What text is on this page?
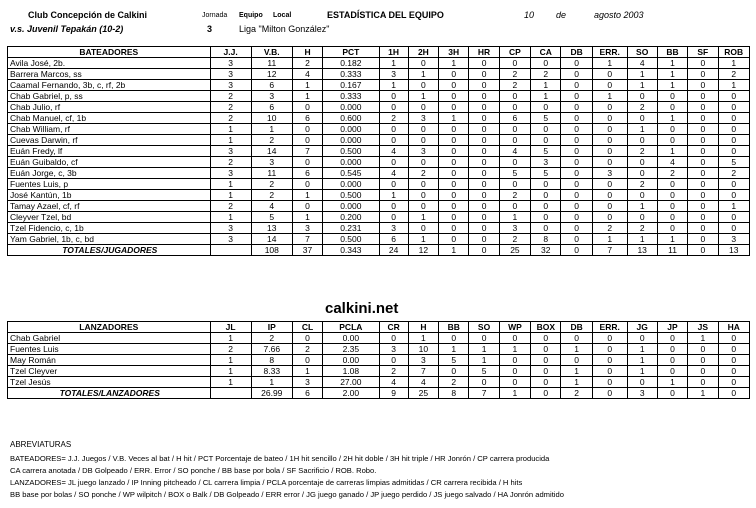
Club Concepción de Calkini	Jornada Equipo Local	ESTADÍSTICA DEL EQUIPO	10 de	agosto 2003
v.s. Juvenil Tepakán (10-2)	3	Liga "Milton González"
BATEADORES	J.J.	V.B.	H	PCT	1H	2H	3H	HR	CP	CA	DB	ERR.	SO	BB	SF	ROB
Avila José, 2b.	3	11	2	0.182	1	0	1	0	0	0	0	1	4	1	0	1
Barrera Marcos, ss	3	12	4	0.333	3	1	0	0	2	2	0	0	1	1	0	2
Caamal Fernando, 3b, c, rf, 2b	3	6	1	0.167	1	0	0	0	2	1	0	0	1	1	0	1
Chab Gabriel, p, ss	2	3	1	0.333	0	1	0	0	0	1	0	1	0	0	0	0
Chab Julio, rf	2	6	0	0.000	0	0	0	0	0	0	0	0	2	0	0	0
Chab Manuel, cf, 1b	2	10	6	0.600	2	3	1	0	6	5	0	0	0	1	0	0
Chab William, rf	1	1	0	0.000	0	0	0	0	0	0	0	0	1	0	0	0
Cuevas Darwin, rf	1	2	0	0.000	0	0	0	0	0	0	0	0	0	0	0	0
Euán Fredy, lf	3	14	7	0.500	4	3	0	0	4	5	0	0	2	1	0	0
Euán Guibaldo, cf	2	3	0	0.000	0	0	0	0	0	3	0	0	0	4	0	5
Euán Jorge, c, 3b	3	11	6	0.545	4	2	0	0	5	5	0	3	0	2	0	2
Fuentes Luis, p	1	2	0	0.000	0	0	0	0	0	0	0	0	2	0	0	0
José Kantún, 1b	1	2	1	0.500	1	0	0	0	2	0	0	0	0	0	0	0
Tamay Azael, cf, rf	2	4	0	0.000	0	0	0	0	0	0	0	0	1	0	0	1
Cleyver Tzel, bd	1	5	1	0.200	0	1	0	0	1	0	0	0	0	0	0	0
Tzel Fidencio, c, 1b	3	13	3	0.231	3	0	0	0	3	0	0	2	2	0	0	0
Yam Gabriel, 1b, c, bd	3	14	7	0.500	6	1	0	0	2	8	0	1	1	1	0	3
TOTALES/JUGADORES		108	37	0.343	24	12	1	0	25	32	0	7	13	11	0	13
calkini.net
LANZADORES	JL	IP	CL	PCLA	CR	H	BB	SO	WP	BOX	DB	ERR.	JG	JP	JS	HA
Chab Gabriel	1	2	0	0.00	0	1	0	0	0	0	0	0	0	0	1	0
Fuentes Luis	2	7.66	2	2.35	3	10	1	1	1	0	1	0	1	0	0	0
May Román	1	8	0	0.00	0	3	5	1	0	0	0	0	1	0	0	0
Tzel Cleyver	1	8.33	1	1.08	2	7	0	5	0	0	1	0	1	0	0	0
Tzel Jesús	1	1	3	27.00	4	4	2	0	0	0	1	0	0	1	0	0
TOTALES/LANZADORES		26.99	6	2.00	9	25	8	7	1	0	2	0	3	0	1	0
ABREVIATURAS
BATEADORES= J.J. Juegos / V.B. Veces al bat / H hit / PCT Porcentaje de bateo / 1H hit sencillo / 2H hit doble / 3H hit triple / HR Jonrón / CP carrera producida
CA carrera anotada / DB Golpeado / ERR. Error / SO ponche / BB base por bola / SF Sacrificio / ROB. Robo.
LANZADORES= JL juego lanzado / IP Inning pitcheado / CL carrera limpia / PCLA porcentaje de carreras limpias admitidas / CR carrera recibida / H hits
BB base por bolas / SO ponche / WP wilpitch / BOX o Balk / DB Golpeado / ERR error / JG juego ganado / JP juego perdido / JS juego salvado / HA Jonrón admitido
